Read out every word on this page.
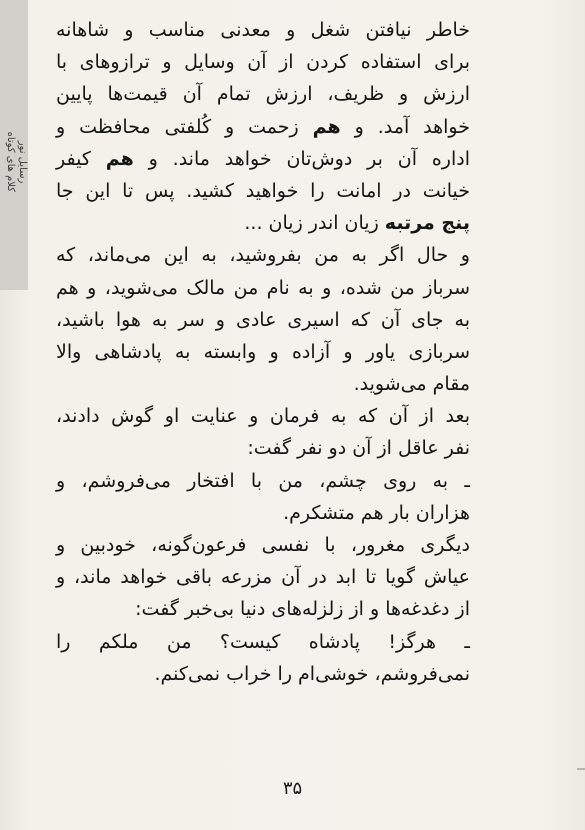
رسایل نور
کلام های کوتاه
خاطر نیافتن شغل و معدنی مناسب و شاهانه
برای استفاده کردن از آن وسایل و ترازوهای با
ارزش و ظریف، ارزش تمام آن قیمت‌ها پایین
خواهد آمد. و هم زحمت و کُلفتی محافظت و
اداره آن بر دوش‌تان خواهد ماند. و هم کیفر
خیانت در امانت را خواهید کشید. پس تا این جا
پنج مرتبه زیان اندر زیان ...
و حال اگر به من بفروشید، به این می‌ماند، که
سرباز من شده، و به نام من مالک می‌شوید، و هم
به جای آن که اسیری عادی و سر به هوا باشید،
سربازی یاور و آزاده و وابسته به پادشاهی والا
مقام می‌شوید.
بعد از آن که به فرمان و عنایت او گوش دادند،
نفر عاقل از آن دو نفر گفت:
ـ به روی چشم، من با افتخار می‌فروشم، و
هزاران بار هم متشکرم.
دیگری مغرور، با نفسی فرعون‌گونه، خودبین و
عیاش گویا تا ابد در آن مزرعه باقی خواهد ماند، و
از دغدغه‌ها و از زلزله‌های دنیا بی‌خبر گفت:
ـ هرگز! پادشاه کیست؟ من ملکم را
نمی‌فروشم، خوشی‌ام را خراب نمی‌کنم.
۳۵
